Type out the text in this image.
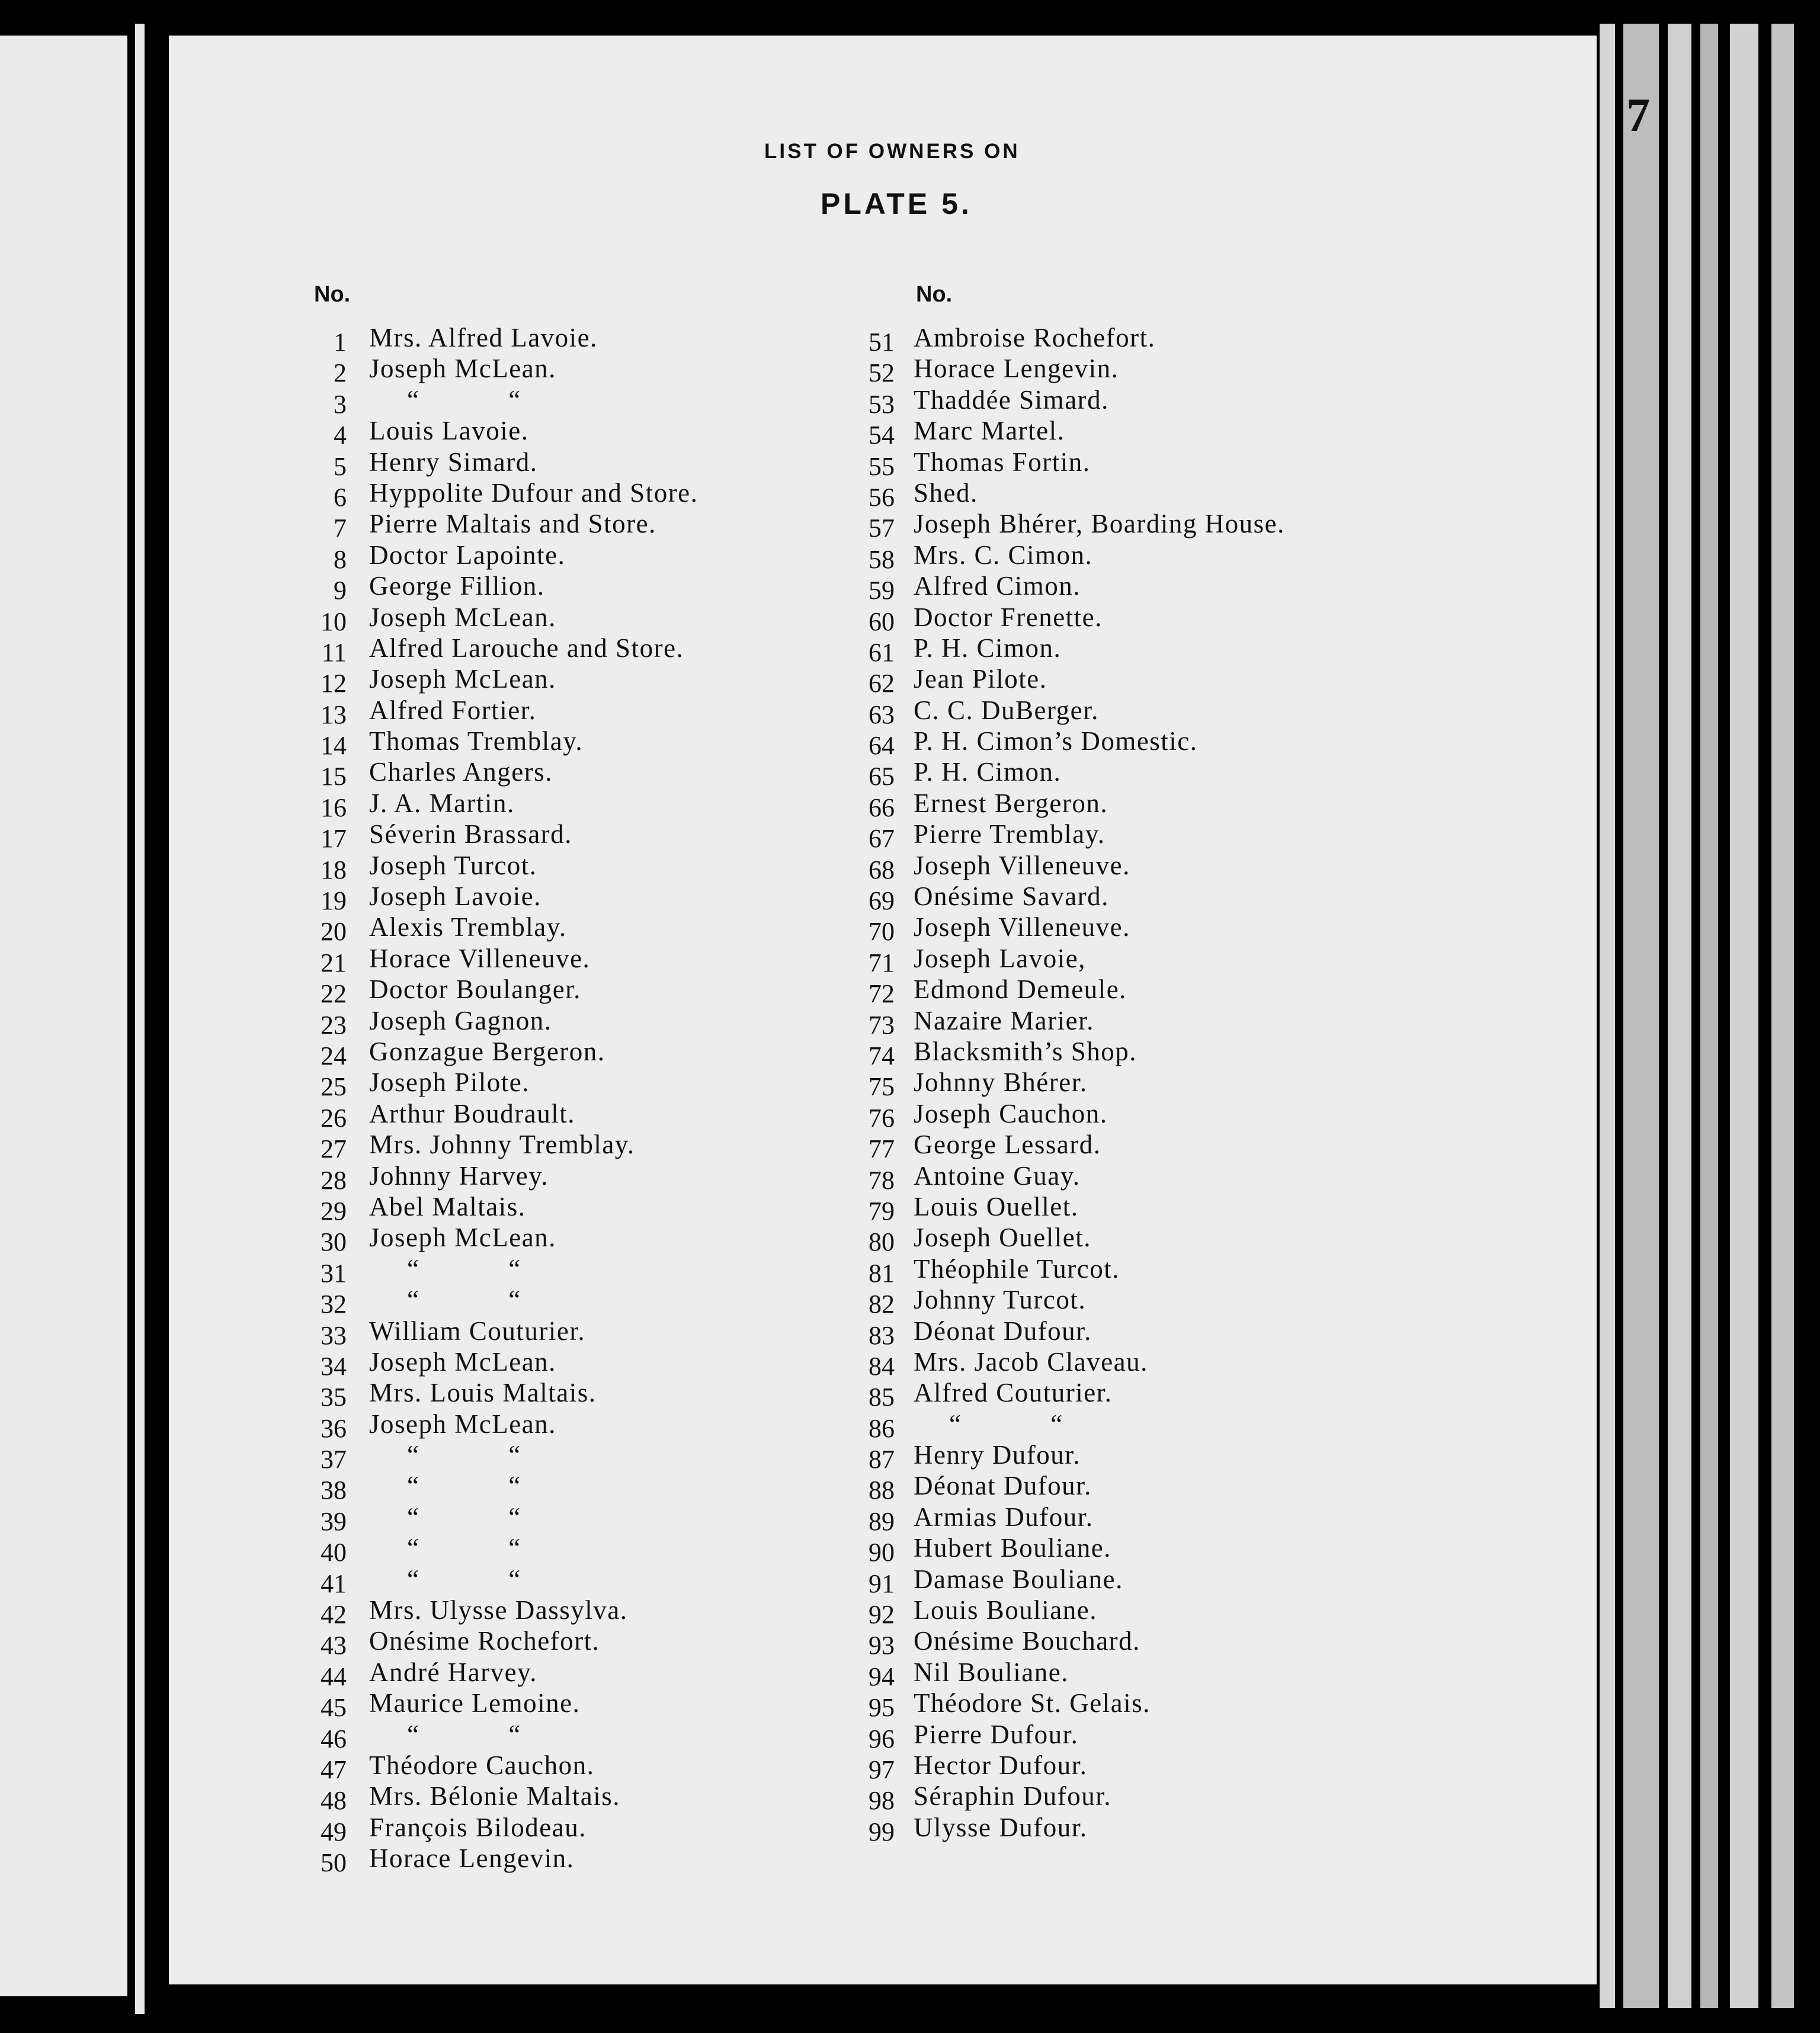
7
LIST OF OWNERS ON
PLATE 5.
No.	No.
1 Mrs. Alfred Lavoie.
2 Joseph McLean.
3 “ “
4 Louis Lavoie.
5 Henry Simard.
6 Hyppolite Dufour and Store.
7 Pierre Maltais and Store.
8 Doctor Lapointe.
9 George Fillion.
10 Joseph McLean.
11 Alfred Larouche and Store.
12 Joseph McLean.
13 Alfred Fortier.
14 Thomas Tremblay.
15 Charles Angers.
16 J. A. Martin.
17 Séverin Brassard.
18 Joseph Turcot.
19 Joseph Lavoie.
20 Alexis Tremblay.
21 Horace Villeneuve.
22 Doctor Boulanger.
23 Joseph Gagnon.
24 Gonzague Bergeron.
25 Joseph Pilote.
26 Arthur Boudrault.
27 Mrs. Johnny Tremblay.
28 Johnny Harvey.
29 Abel Maltais.
30 Joseph McLean.
31 “ “
32 “ “
33 William Couturier.
34 Joseph McLean.
35 Mrs. Louis Maltais.
36 Joseph McLean.
37 “ “
38 “ “
39 “ “
40 “ “
41 “ “
42 Mrs. Ulysse Dassylva.
43 Onésime Rochefort.
44 André Harvey.
45 Maurice Lemoine.
46 “ “
47 Théodore Cauchon.
48 Mrs. Bélonie Maltais.
49 François Bilodeau.
50 Horace Lengevin.
51 Ambroise Rochefort.
52 Horace Lengevin.
53 Thaddée Simard.
54 Marc Martel.
55 Thomas Fortin.
56 Shed.
57 Joseph Bhérer, Boarding House.
58 Mrs. C. Cimon.
59 Alfred Cimon.
60 Doctor Frenette.
61 P. H. Cimon.
62 Jean Pilote.
63 C. C. DuBerger.
64 P. H. Cimon’s Domestic.
65 P. H. Cimon.
66 Ernest Bergeron.
67 Pierre Tremblay.
68 Joseph Villeneuve.
69 Onésime Savard.
70 Joseph Villeneuve.
71 Joseph Lavoie,
72 Edmond Demeule.
73 Nazaire Marier.
74 Blacksmith’s Shop.
75 Johnny Bhérer.
76 Joseph Cauchon.
77 George Lessard.
78 Antoine Guay.
79 Louis Ouellet.
80 Joseph Ouellet.
81 Théophile Turcot.
82 Johnny Turcot.
83 Déonat Dufour.
84 Mrs. Jacob Claveau.
85 Alfred Couturier.
86 “ “
87 Henry Dufour.
88 Déonat Dufour.
89 Armias Dufour.
90 Hubert Bouliane.
91 Damase Bouliane.
92 Louis Bouliane.
93 Onésime Bouchard.
94 Nil Bouliane.
95 Théodore St. Gelais.
96 Pierre Dufour.
97 Hector Dufour.
98 Séraphin Dufour.
99 Ulysse Dufour.
